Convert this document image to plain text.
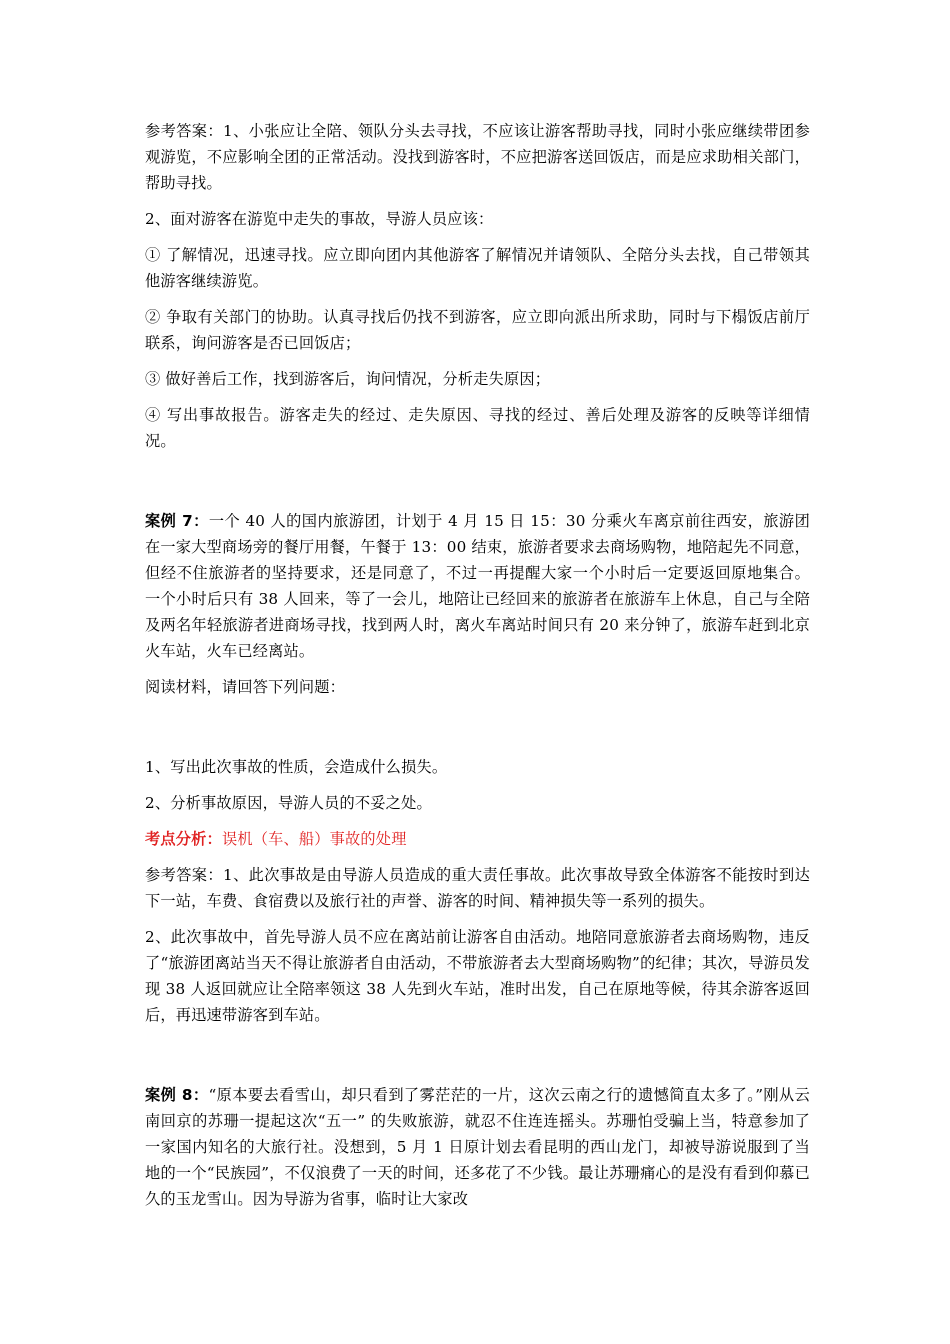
参考答案：1、小张应让全陪、领队分头去寻找，不应该让游客帮助寻找，同时小张应继续带团参观游览，不应影响全团的正常活动。没找到游客时，不应把游客送回饭店，而是应求助相关部门，帮助寻找。

2、面对游客在游览中走失的事故，导游人员应该：

① 了解情况，迅速寻找。应立即向团内其他游客了解情况并请领队、全陪分头去找，自己带领其他游客继续游览。

② 争取有关部门的协助。认真寻找后仍找不到游客，应立即向派出所求助，同时与下榻饭店前厅联系，询问游客是否已回饭店；

③ 做好善后工作，找到游客后，询问情况，分析走失原因；

④ 写出事故报告。游客走失的经过、走失原因、寻找的经过、善后处理及游客的反映等详细情况。

案例 7：一个 40 人的国内旅游团，计划于 4 月 15 日 15：30 分乘火车离京前往西安，旅游团在一家大型商场旁的餐厅用餐，午餐于 13：00 结束，旅游者要求去商场购物，地陪起先不同意，但经不住旅游者的坚持要求，还是同意了，不过一再提醒大家一个小时后一定要返回原地集合。 一个小时后只有 38 人回来，等了一会儿，地陪让已经回来的旅游者在旅游车上休息，自己与全陪及两名年轻旅游者进商场寻找，找到两人时，离火车离站时间只有 20 来分钟了，旅游车赶到北京火车站，火车已经离站。

阅读材料，请回答下列问题：

1、写出此次事故的性质，会造成什么损失。

2、分析事故原因，导游人员的不妥之处。

考点分析：误机（车、船）事故的处理

参考答案：1、此次事故是由导游人员造成的重大责任事故。此次事故导致全体游客不能按时到达下一站，车费、食宿费以及旅行社的声誉、游客的时间、精神损失等一系列的损失。

2、此次事故中，首先导游人员不应在离站前让游客自由活动。地陪同意旅游者去商场购物，违反了“旅游团离站当天不得让旅游者自由活动，不带旅游者去大型商场购物”的纪律；其次，导游员发现 38 人返回就应让全陪率领这 38 人先到火车站，准时出发，自己在原地等候，待其余游客返回后，再迅速带游客到车站。

案例 8：“原本要去看雪山，却只看到了雾茫茫的一片，这次云南之行的遗憾简直太多了。”刚从云南回京的苏珊一提起这次“五一” 的失败旅游，就忍不住连连摇头。苏珊怕受骗上当，特意参加了一家国内知名的大旅行社。没想到，5 月 1 日原计划去看昆明的西山龙门，却被导游说服到了当地的一个“民族园”，不仅浪费了一天的时间，还多花了不少钱。最让苏珊痛心的是没有看到仰慕已久的玉龙雪山。因为导游为省事，临时让大家改
